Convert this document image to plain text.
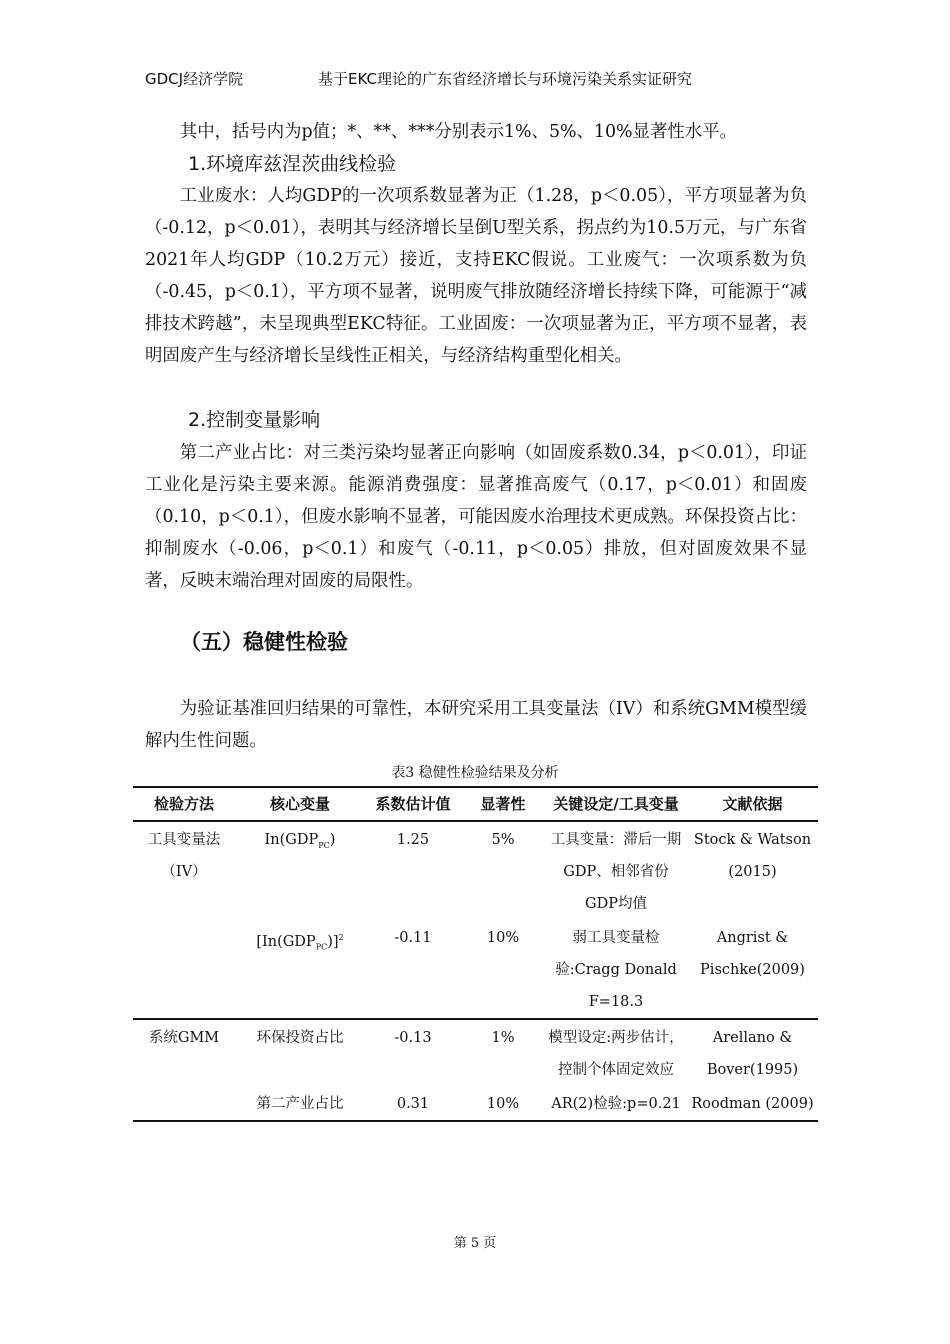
GDCJ经济学院	基于EKC理论的广东省经济增长与环境污染关系实证研究

其中，括号内为p值；*、**、***分别表示1%、5%、10%显著性水平。

1.环境库兹涅茨曲线检验

工业废水：人均GDP的一次项系数显著为正（1.28，p＜0.05），平方项显著为负（-0.12，p＜0.01），表明其与经济增长呈倒U型关系，拐点约为10.5万元，与广东省2021年人均GDP（10.2万元）接近，支持EKC假说。工业废气：一次项系数为负（-0.45，p＜0.1），平方项不显著，说明废气排放随经济增长持续下降，可能源于“减排技术跨越”，未呈现典型EKC特征。工业固废：一次项显著为正，平方项不显著，表明固废产生与经济增长呈线性正相关，与经济结构重型化相关。

2.控制变量影响

第二产业占比：对三类污染均显著正向影响（如固废系数0.34，p＜0.01），印证工业化是污染主要来源。能源消费强度：显著推高废气（0.17，p＜0.01）和固废（0.10，p＜0.1），但废水影响不显著，可能因废水治理技术更成熟。环保投资占比：抑制废水（-0.06，p＜0.1）和废气（-0.11，p＜0.05）排放，但对固废效果不显著，反映末端治理对固废的局限性。

（五）稳健性检验

为验证基准回归结果的可靠性，本研究采用工具变量法（IV）和系统GMM模型缓解内生性问题。

表3 稳健性检验结果及分析
检验方法	核心变量	系数估计值	显著性	关键设定/工具变量	文献依据
工具变量法（IV）	$In(GDP_{PC})$	1.25	5%	工具变量：滞后一期GDP、相邻省份GDP均值	Stock & Watson (2015)
	$[In(GDP_{PC})]^2$	-0.11	10%	弱工具变量检验:Cragg Donald F=18.3	Angrist & Pischke(2009)
系统GMM	环保投资占比	-0.13	1%	模型设定:两步估计，控制个体固定效应	Arellano & Bover(1995)
	第二产业占比	0.31	10%	AR(2)检验:p=0.21	Roodman (2009)
第 5 页
